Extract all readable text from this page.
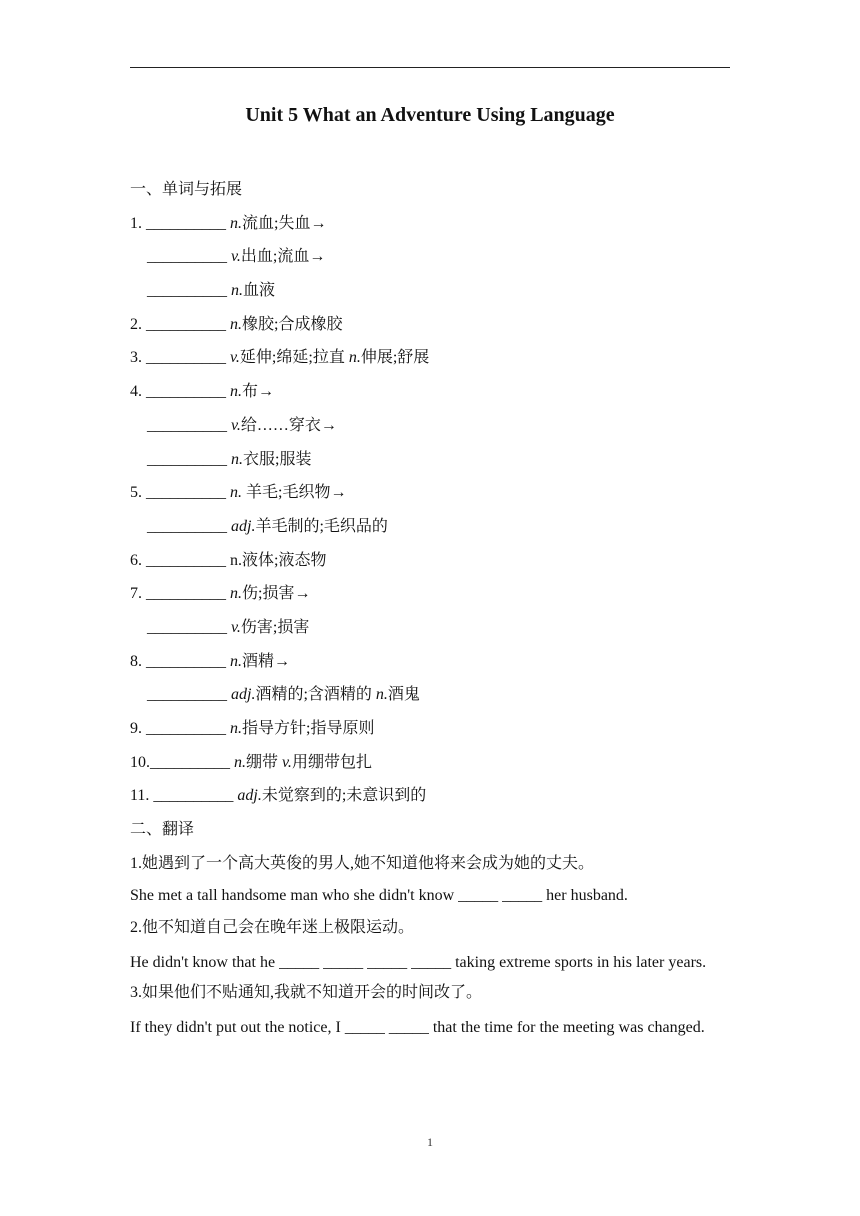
Unit 5 What an Adventure Using Language
一、单词与拓展
1. __________ n.流血;失血→
__________ v.出血;流血→
__________ n.血液
2. __________ n.橡胶;合成橡胶
3. __________ v.延伸;绵延;拉直 n.伸展;舒展
4. __________ n.布→
__________ v.给……穿衣→
__________ n.衣服;服装
5. __________ n. 羊毛;毛织物→
__________ adj.羊毛制的;毛织品的
6. __________ n.液体;液态物
7. __________ n.伤;损害→
__________ v.伤害;损害
8. __________ n.酒精→
__________ adj.酒精的;含酒精的 n.酒鬼
9. __________ n.指导方针;指导原则
10.__________ n.绷带 v.用绷带包扎
11. __________ adj.未觉察到的;未意识到的
二、翻译
1.她遇到了一个高大英俊的男人,她不知道他将来会成为她的丈夫。
She met a tall handsome man who she didn't know _____ _____ her husband.
2.他不知道自己会在晚年迷上极限运动。
He didn't know that he _____ _____ _____ _____ taking extreme sports in his later years.
3.如果他们不贴通知,我就不知道开会的时间改了。
If they didn't put out the notice, I _____ _____ that the time for the meeting was changed.
1
